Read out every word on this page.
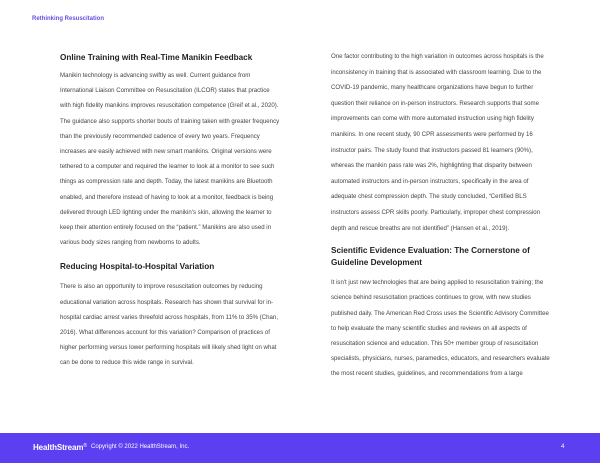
Rethinking Resuscitation
Online Training with Real-Time Manikin Feedback

Manikin technology is advancing swiftly as well. Current guidance from International Liaison Committee on Resuscitation (ILCOR) states that practice with high fidelity manikins improves resuscitation competence (Greif et al., 2020). The guidance also supports shorter bouts of training taken with greater frequency than the previously recommended cadence of every two years. Frequency increases are easily achieved with new smart manikins. Original versions were tethered to a computer and required the learner to look at a monitor to see such things as compression rate and depth. Today, the latest manikins are Bluetooth enabled, and therefore instead of having to look at a monitor, feedback is being delivered through LED lighting under the manikin's skin, allowing the learner to keep their attention entirely focused on the “patient.” Manikins are also used in various body sizes ranging from newborns to adults.

Reducing Hospital-to-Hospital Variation

There is also an opportunity to improve resuscitation outcomes by reducing educational variation across hospitals. Research has shown that survival for in-hospital cardiac arrest varies threefold across hospitals, from 11% to 35% (Chan, 2016). What differences account for this variation? Comparison of practices of higher performing versus lower performing hospitals will likely shed light on what can be done to reduce this wide range in survival.

One factor contributing to the high variation in outcomes across hospitals is the inconsistency in training that is associated with classroom learning. Due to the COVID-19 pandemic, many healthcare organizations have begun to further question their reliance on in-person instructors. Research supports that some improvements can come with more automated instruction using high fidelity manikins. In one recent study, 90 CPR assessments were performed by 16 instructor pairs. The study found that instructors passed 81 learners (90%), whereas the manikin pass rate was 2%, highlighting that disparity between automated instructors and in-person instructors, specifically in the area of adequate chest compression depth. The study concluded, “Certified BLS instructors assess CPR skills poorly. Particularly, improper chest compression depth and rescue breaths are not identified” (Hansen et al., 2019).

Scientific Evidence Evaluation: The Cornerstone of Guideline Development

It isn't just new technologies that are being applied to resuscitation training; the science behind resuscitation practices continues to grow, with new studies published daily. The American Red Cross uses the Scientific Advisory Committee to help evaluate the many scientific studies and reviews on all aspects of resuscitation science and education. This 50+ member group of resuscitation specialists, physicians, nurses, paramedics, educators, and researchers evaluate the most recent studies, guidelines, and recommendations from a large

HealthStream® Copyright © 2022 HealthStream, Inc.	4
